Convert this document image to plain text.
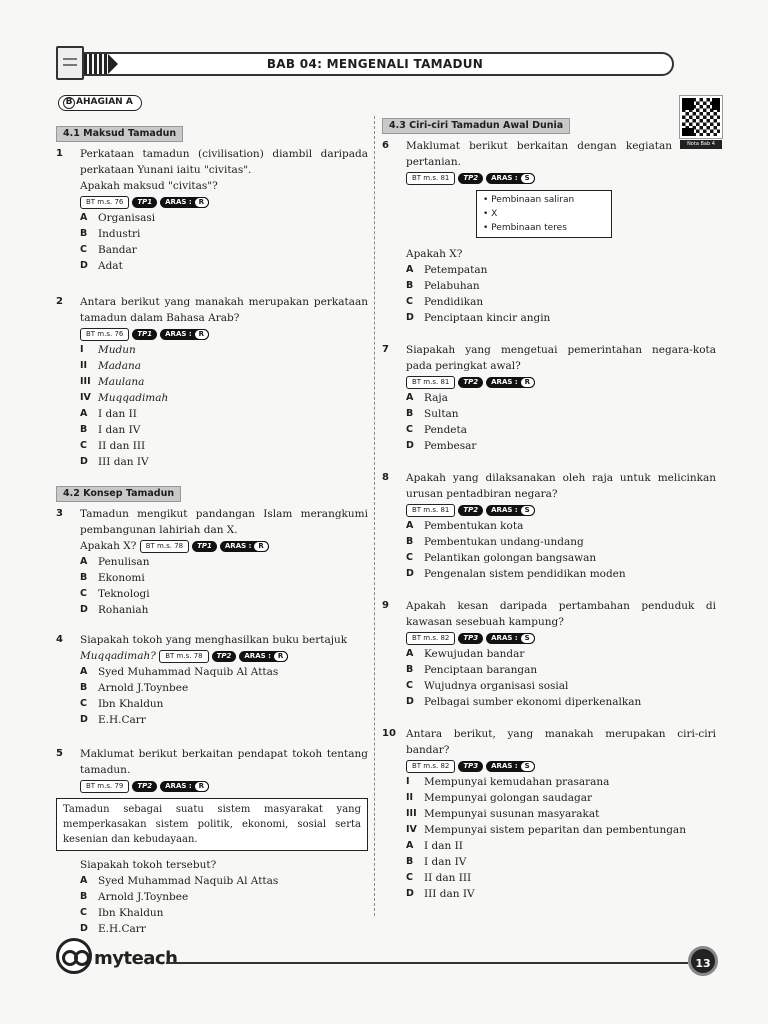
BAB 04: MENGENALI TAMADUN
Nota Bab 4
B AHAGIAN A
4.1 Maksud Tamadun
1 Perkataan tamadun (civilisation) diambil daripada perkataan Yunani iaitu "civitas".
Apakah maksud "civitas"?
BT m.s. 76	TP1	ARAS :	R
A	Organisasi
B	Industri
C	Bandar
D Adat
2 Antara berikut yang manakah merupakan perkataan tamadun dalam Bahasa Arab?
BT m.s. 76	TP1	ARAS :	R
I	Mudun
II	Madana
III Maulana
IV Muqqadimah
A	I dan II
B	I dan IV
C	II dan III
D III dan IV
4.2 Konsep Tamadun
3 Tamadun mengikut pandangan Islam merangkumi pembangunan lahiriah dan X.
Apakah X?	BT m.s. 78	TP1	ARAS :	R
A	Penulisan
B	Ekonomi
C	Teknologi
D Rohaniah
4 Siapakah tokoh yang menghasilkan buku bertajuk
Muqqadimah?	BT m.s. 78	TP2	ARAS :	R
A	Syed Muhammad Naquib Al Attas
B	Arnold J.Toynbee
C	Ibn Khaldun
D E.H.Carr
5 Maklumat berikut berkaitan pendapat tokoh tentang tamadun.
BT m.s. 79	TP2	ARAS :	R
Tamadun sebagai suatu sistem masyarakat yang memperkasakan sistem politik, ekonomi, sosial serta kesenian dan kebudayaan.
Siapakah tokoh tersebut?
A	Syed Muhammad Naquib Al Attas
B	Arnold J.Toynbee
C	Ibn Khaldun
D E.H.Carr
4.3 Ciri-ciri Tamadun Awal Dunia
6 Maklumat berikut berkaitan dengan kegiatan pertanian.
BT m.s. 81	TP2	ARAS :	S
• Pembinaan saliran
• X
• Pembinaan teres
Apakah X?
A	Petempatan
B	Pelabuhan
C	Pendidikan
D Penciptaan kincir angin
7 Siapakah yang mengetuai pemerintahan negara-kota pada peringkat awal?
BT m.s. 81	TP2	ARAS :	R
A	Raja
B	Sultan
C	Pendeta
D Pembesar
8 Apakah yang dilaksanakan oleh raja untuk melicinkan urusan pentadbiran negara?
BT m.s. 81	TP2	ARAS :	S
A	Pembentukan kota
B	Pembentukan undang-undang
C	Pelantikan golongan bangsawan
D Pengenalan sistem pendidikan moden
9 Apakah kesan daripada pertambahan penduduk di kawasan sesebuah kampung?
BT m.s. 82	TP3	ARAS :	S
A	Kewujudan bandar
B	Penciptaan barangan
C	Wujudnya organisasi sosial
D Pelbagai sumber ekonomi diperkenalkan
10 Antara berikut, yang manakah merupakan ciri-ciri bandar?
BT m.s. 82	TP3	ARAS :	S
I	Mempunyai kemudahan prasarana
II	Mempunyai golongan saudagar
III Mempunyai susunan masyarakat
IV Mempunyai sistem peparitan dan pembentungan
A	I dan II
B	I dan IV
C	II dan III
D III dan IV
myteach	13
